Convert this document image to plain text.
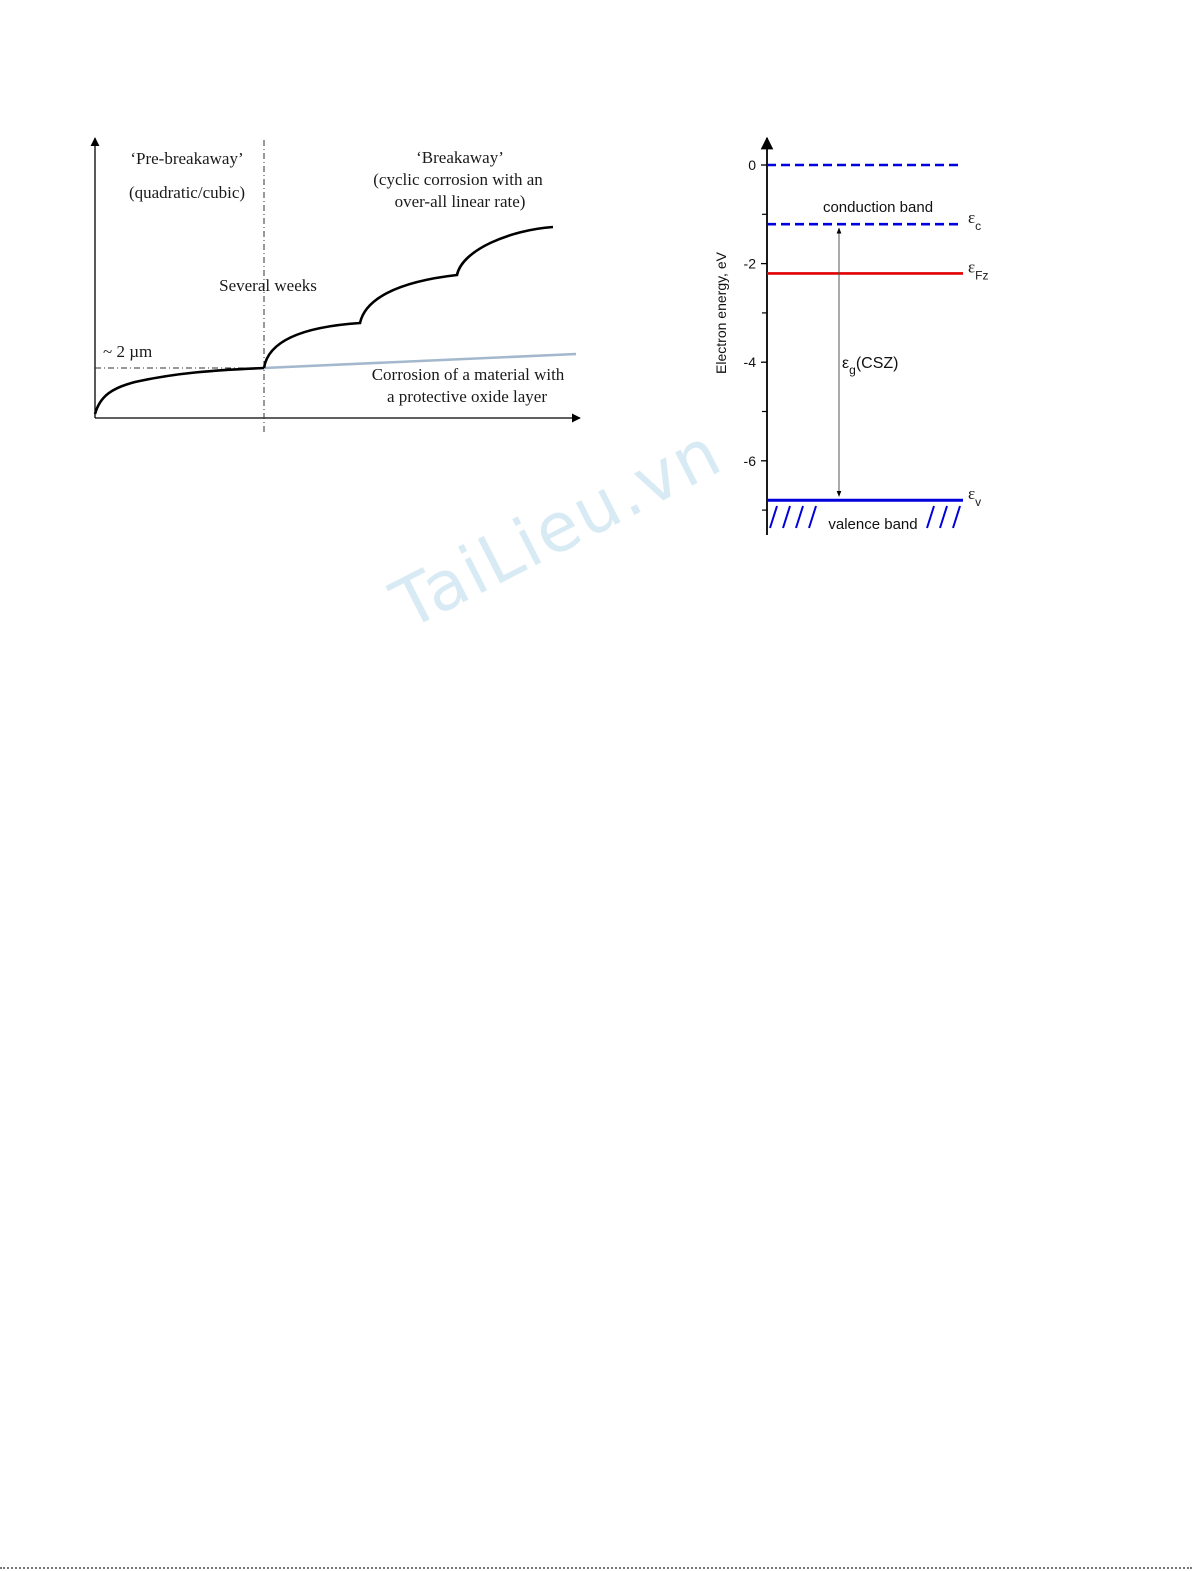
‘Pre-breakaway’
(quadratic/cubic)
‘Breakaway’
(cyclic corrosion with an
over-all linear rate)
Several weeks
~ 2 µm
Corrosion of a material with
a protective oxide layer
0
-2
-4
-6
$\varepsilon_c$
$\varepsilon_{Fz}$
$\varepsilon_v$
Electron energy, eV
conduction band
valence band
$\varepsilon_g(CSZ)$
TaiLieu.vn
